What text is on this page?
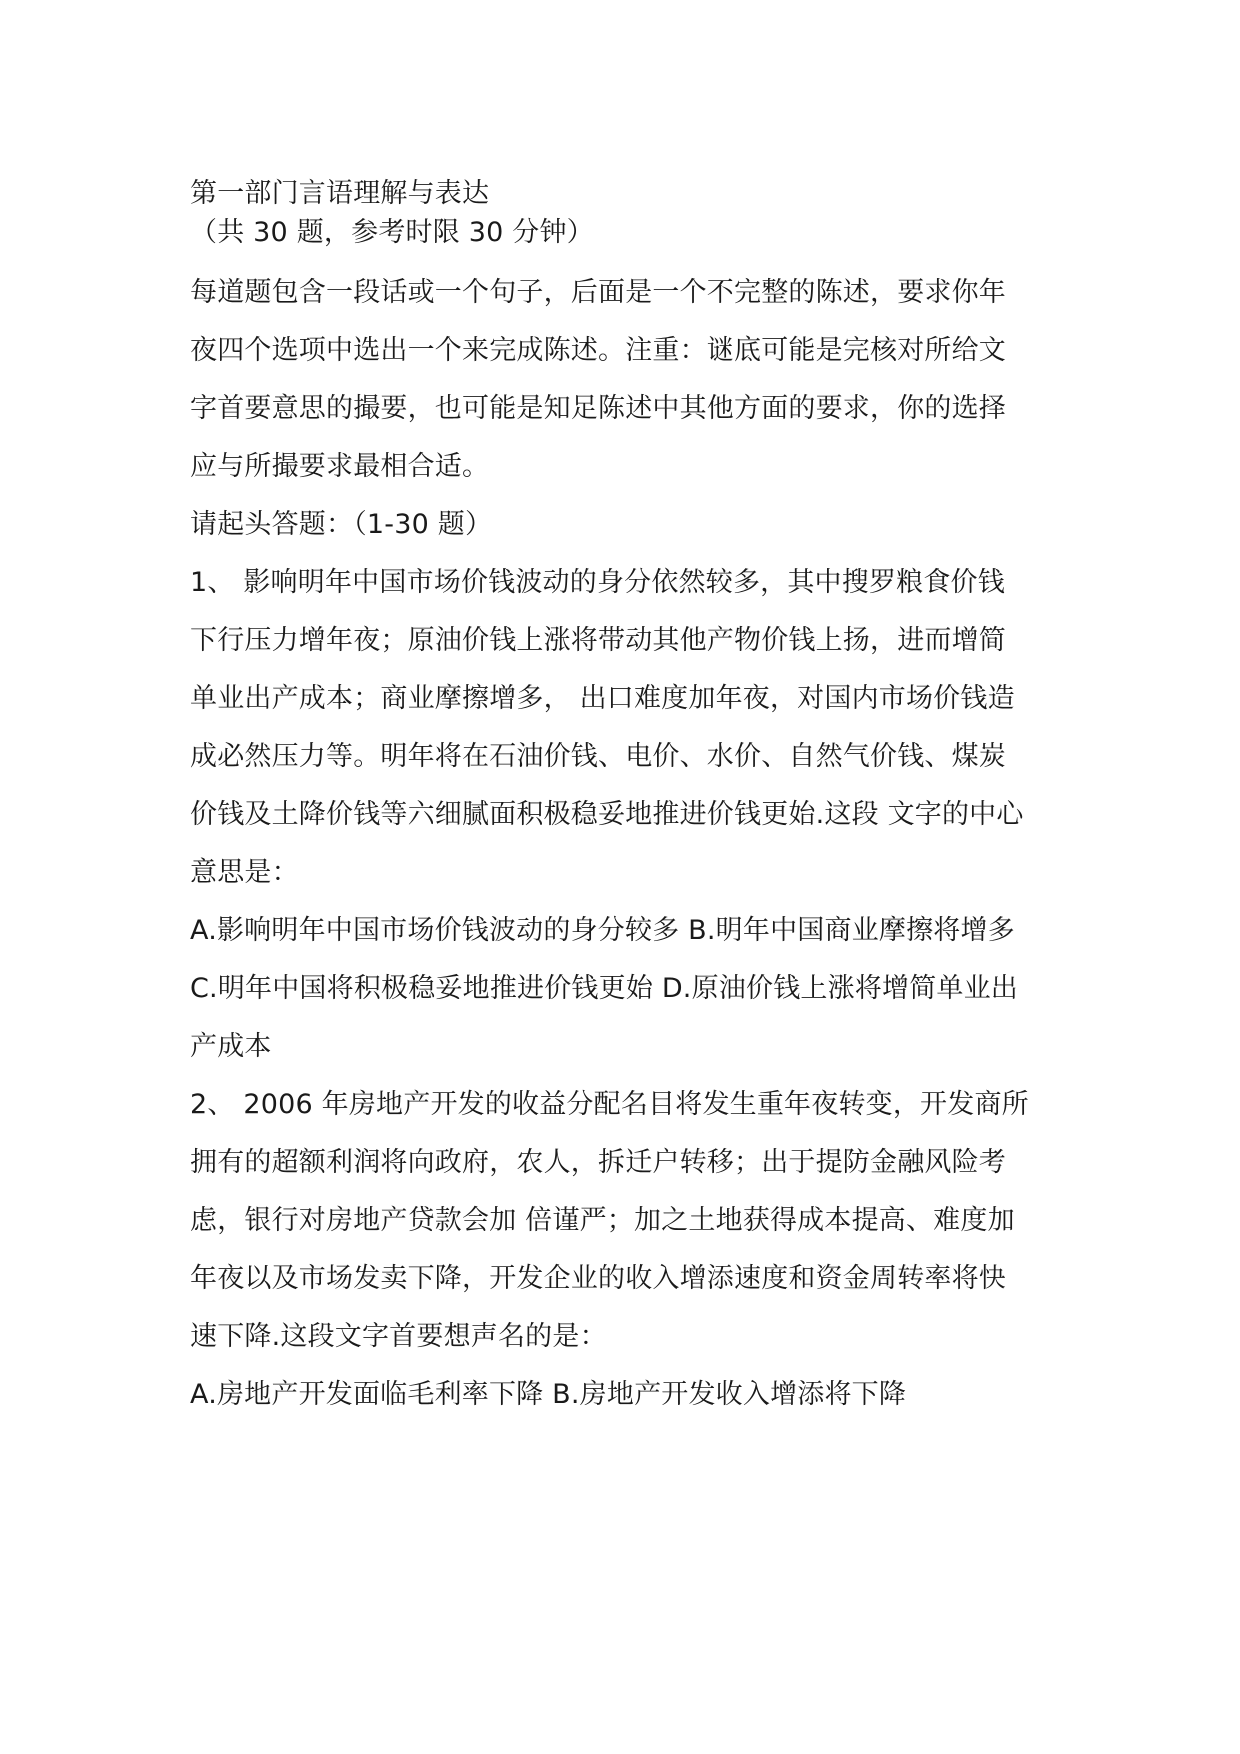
第一部门言语理解与表达
（共 30 题，参考时限 30 分钟）
每道题包含一段话或一个句子，后面是一个不完整的陈述，要求你年
夜四个选项中选出一个来完成陈述。注重：谜底可能是完核对所给文
字首要意思的撮要，也可能是知足陈述中其他方面的要求，你的选择
应与所撮要求最相合适。
请起头答题：（1-30 题）
1、 影响明年中国市场价钱波动的身分依然较多，其中搜罗粮食价钱
下行压力增年夜；原油价钱上涨将带动其他产物价钱上扬，进而增简
单业出产成本；商业摩擦增多， 出口难度加年夜，对国内市场价钱造
成必然压力等。明年将在石油价钱、电价、水价、自然气价钱、煤炭
价钱及土降价钱等六细腻面积极稳妥地推进价钱更始.这段 文字的中心
意思是：
A.影响明年中国市场价钱波动的身分较多 B.明年中国商业摩擦将增多
C.明年中国将积极稳妥地推进价钱更始 D.原油价钱上涨将增简单业出
产成本
2、 2006 年房地产开发的收益分配名目将发生重年夜转变，开发商所
拥有的超额利润将向政府，农人，拆迁户转移；出于提防金融风险考
虑，银行对房地产贷款会加 倍谨严；加之土地获得成本提高、难度加
年夜以及市场发卖下降，开发企业的收入增添速度和资金周转率将快
速下降.这段文字首要想声名的是：
A.房地产开发面临毛利率下降 B.房地产开发收入增添将下降
